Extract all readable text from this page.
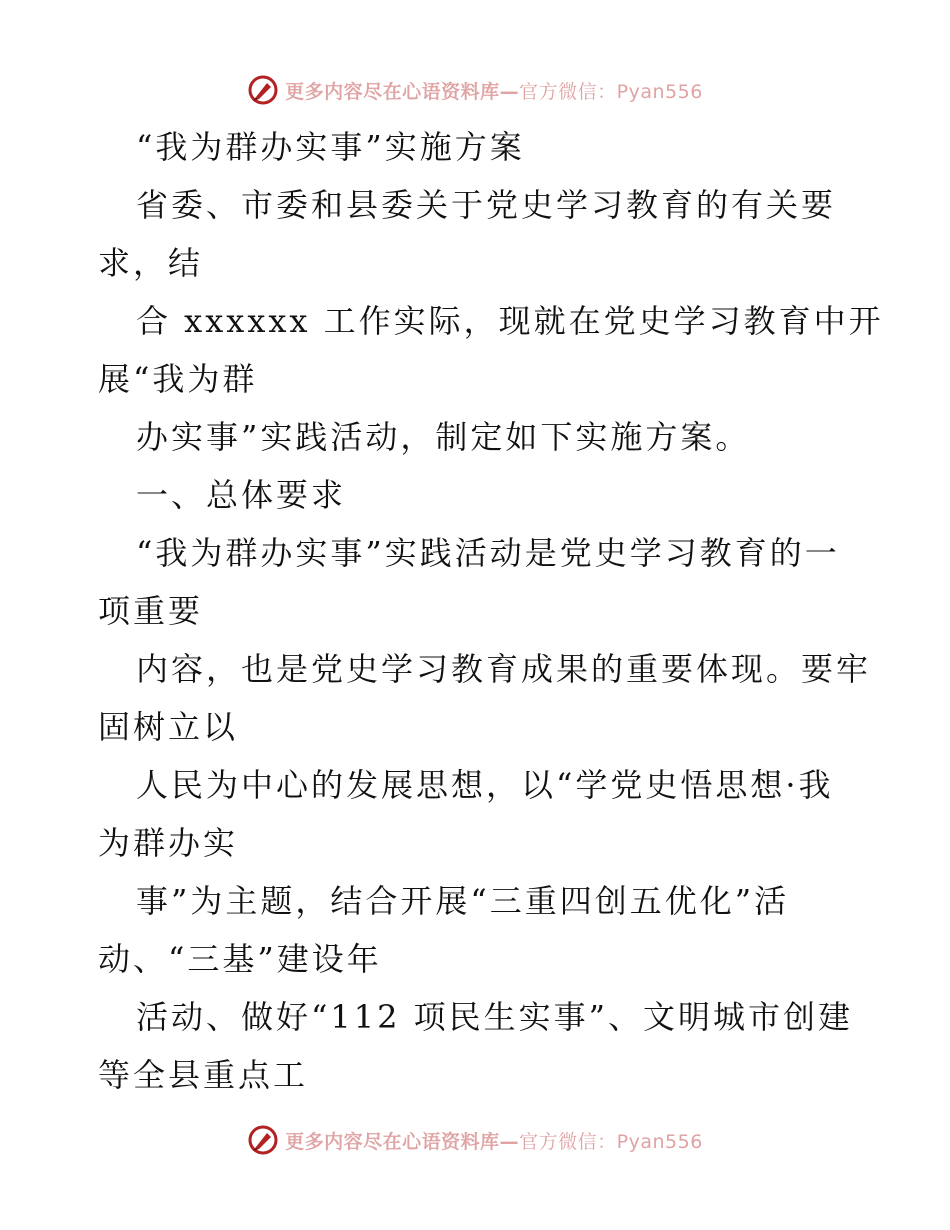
更多内容尽在心语资料库—官方微信：Pyan556
“我为群办实事”实施方案
省委、市委和县委关于党史学习教育的有关要
求，结
合 xxxxxx 工作实际，现就在党史学习教育中开
展“我为群
办实事”实践活动，制定如下实施方案。
一、总体要求
“我为群办实事”实践活动是党史学习教育的一
项重要
内容，也是党史学习教育成果的重要体现。要牢
固树立以
人民为中心的发展思想，以“学党史悟思想·我
为群办实
事”为主题，结合开展“三重四创五优化”活
动、“三基”建设年
活动、做好“112 项民生实事”、文明城市创建
等全县重点工
更多内容尽在心语资料库—官方微信：Pyan556
